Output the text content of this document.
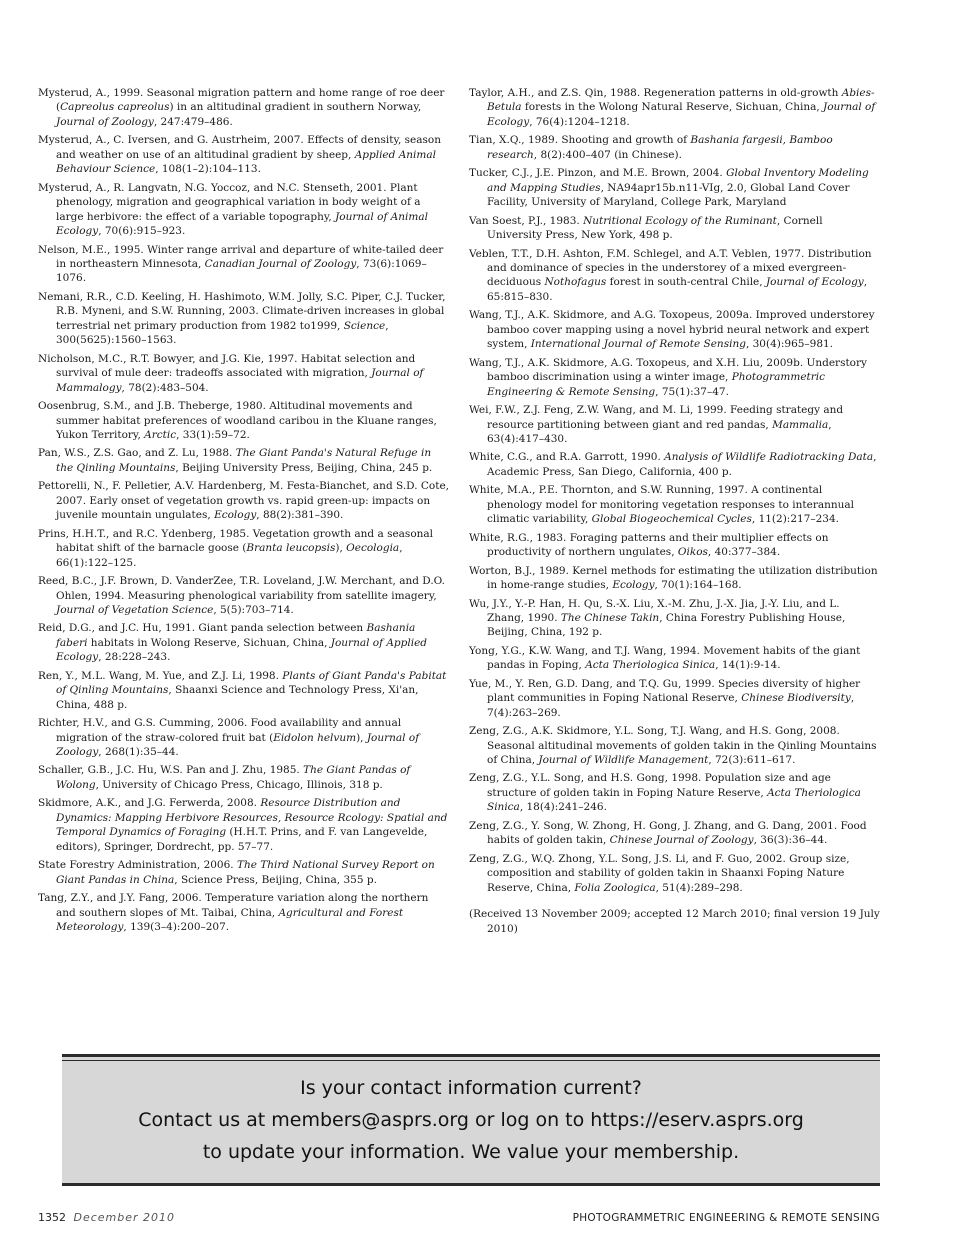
Mysterud, A., 1999. Seasonal migration pattern and home range of roe deer (Capreolus capreolus) in an altitudinal gradient in southern Norway, Journal of Zoology, 247:479–486.

Mysterud, A., C. Iversen, and G. Austrheim, 2007. Effects of density, season and weather on use of an altitudinal gradient by sheep, Applied Animal Behaviour Science, 108(1–2):104–113.

Mysterud, A., R. Langvatn, N.G. Yoccoz, and N.C. Stenseth, 2001. Plant phenology, migration and geographical variation in body weight of a large herbivore: the effect of a variable topography, Journal of Animal Ecology, 70(6):915–923.

Nelson, M.E., 1995. Winter range arrival and departure of white-tailed deer in northeastern Minnesota, Canadian Journal of Zoology, 73(6):1069–1076.

Nemani, R.R., C.D. Keeling, H. Hashimoto, W.M. Jolly, S.C. Piper, C.J. Tucker, R.B. Myneni, and S.W. Running, 2003. Climate-driven increases in global terrestrial net primary production from 1982 to1999, Science, 300(5625):1560–1563.

Nicholson, M.C., R.T. Bowyer, and J.G. Kie, 1997. Habitat selection and survival of mule deer: tradeoffs associated with migration, Journal of Mammalogy, 78(2):483–504.

Oosenbrug, S.M., and J.B. Theberge, 1980. Altitudinal movements and summer habitat preferences of woodland caribou in the Kluane ranges, Yukon Territory, Arctic, 33(1):59–72.

Pan, W.S., Z.S. Gao, and Z. Lu, 1988. The Giant Panda's Natural Refuge in the Qinling Mountains, Beijing University Press, Beijing, China, 245 p.

Pettorelli, N., F. Pelletier, A.V. Hardenberg, M. Festa-Bianchet, and S.D. Cote, 2007. Early onset of vegetation growth vs. rapid green-up: impacts on juvenile mountain ungulates, Ecology, 88(2):381–390.

Prins, H.H.T., and R.C. Ydenberg, 1985. Vegetation growth and a seasonal habitat shift of the barnacle goose (Branta leucopsis), Oecologia, 66(1):122–125.

Reed, B.C., J.F. Brown, D. VanderZee, T.R. Loveland, J.W. Merchant, and D.O. Ohlen, 1994. Measuring phenological variability from satellite imagery, Journal of Vegetation Science, 5(5):703–714.

Reid, D.G., and J.C. Hu, 1991. Giant panda selection between Bashania faberi habitats in Wolong Reserve, Sichuan, China, Journal of Applied Ecology, 28:228–243.

Ren, Y., M.L. Wang, M. Yue, and Z.J. Li, 1998. Plants of Giant Panda's Pabitat of Qinling Mountains, Shaanxi Science and Technology Press, Xi'an, China, 488 p.

Richter, H.V., and G.S. Cumming, 2006. Food availability and annual migration of the straw-colored fruit bat (Eidolon helvum), Journal of Zoology, 268(1):35–44.

Schaller, G.B., J.C. Hu, W.S. Pan and J. Zhu, 1985. The Giant Pandas of Wolong, University of Chicago Press, Chicago, Illinois, 318 p.

Skidmore, A.K., and J.G. Ferwerda, 2008. Resource Distribution and Dynamics: Mapping Herbivore Resources, Resource Rcology: Spatial and Temporal Dynamics of Foraging (H.H.T. Prins, and F. van Langevelde, editors), Springer, Dordrecht, pp. 57–77.

State Forestry Administration, 2006. The Third National Survey Report on Giant Pandas in China, Science Press, Beijing, China, 355 p.

Tang, Z.Y., and J.Y. Fang, 2006. Temperature variation along the northern and southern slopes of Mt. Taibai, China, Agricultural and Forest Meteorology, 139(3–4):200–207.

Taylor, A.H., and Z.S. Qin, 1988. Regeneration patterns in old-growth Abies-Betula forests in the Wolong Natural Reserve, Sichuan, China, Journal of Ecology, 76(4):1204–1218.

Tian, X.Q., 1989. Shooting and growth of Bashania fargesii, Bamboo research, 8(2):400–407 (in Chinese).

Tucker, C.J., J.E. Pinzon, and M.E. Brown, 2004. Global Inventory Modeling and Mapping Studies, NA94apr15b.n11-VIg, 2.0, Global Land Cover Facility, University of Maryland, College Park, Maryland

Van Soest, P.J., 1983. Nutritional Ecology of the Ruminant, Cornell University Press, New York, 498 p.

Veblen, T.T., D.H. Ashton, F.M. Schlegel, and A.T. Veblen, 1977. Distribution and dominance of species in the understorey of a mixed evergreen-deciduous Nothofagus forest in south-central Chile, Journal of Ecology, 65:815–830.

Wang, T.J., A.K. Skidmore, and A.G. Toxopeus, 2009a. Improved understorey bamboo cover mapping using a novel hybrid neural network and expert system, International Journal of Remote Sensing, 30(4):965–981.

Wang, T.J., A.K. Skidmore, A.G. Toxopeus, and X.H. Liu, 2009b. Understory bamboo discrimination using a winter image, Photogrammetric Engineering & Remote Sensing, 75(1):37–47.

Wei, F.W., Z.J. Feng, Z.W. Wang, and M. Li, 1999. Feeding strategy and resource partitioning between giant and red pandas, Mammalia, 63(4):417–430.

White, C.G., and R.A. Garrott, 1990. Analysis of Wildlife Radiotracking Data, Academic Press, San Diego, California, 400 p.

White, M.A., P.E. Thornton, and S.W. Running, 1997. A continental phenology model for monitoring vegetation responses to interannual climatic variability, Global Biogeochemical Cycles, 11(2):217–234.

White, R.G., 1983. Foraging patterns and their multiplier effects on productivity of northern ungulates, Oikos, 40:377–384.

Worton, B.J., 1989. Kernel methods for estimating the utilization distribution in home-range studies, Ecology, 70(1):164–168.

Wu, J.Y., Y.-P. Han, H. Qu, S.-X. Liu, X.-M. Zhu, J.-X. Jia, J.-Y. Liu, and L. Zhang, 1990. The Chinese Takin, China Forestry Publishing House, Beijing, China, 192 p.

Yong, Y.G., K.W. Wang, and T.J. Wang, 1994. Movement habits of the giant pandas in Foping, Acta Theriologica Sinica, 14(1):9-14.

Yue, M., Y. Ren, G.D. Dang, and T.Q. Gu, 1999. Species diversity of higher plant communities in Foping National Reserve, Chinese Biodiversity, 7(4):263–269.

Zeng, Z.G., A.K. Skidmore, Y.L. Song, T.J. Wang, and H.S. Gong, 2008. Seasonal altitudinal movements of golden takin in the Qinling Mountains of China, Journal of Wildlife Management, 72(3):611–617.

Zeng, Z.G., Y.L. Song, and H.S. Gong, 1998. Population size and age structure of golden takin in Foping Nature Reserve, Acta Theriologica Sinica, 18(4):241–246.

Zeng, Z.G., Y. Song, W. Zhong, H. Gong, J. Zhang, and G. Dang, 2001. Food habits of golden takin, Chinese Journal of Zoology, 36(3):36–44.

Zeng, Z.G., W.Q. Zhong, Y.L. Song, J.S. Li, and F. Guo, 2002. Group size, composition and stability of golden takin in Shaanxi Foping Nature Reserve, China, Folia Zoologica, 51(4):289–298.

(Received 13 November 2009; accepted 12 March 2010; final version 19 July 2010)

Is your contact information current?
Contact us at members@asprs.org or log on to https://eserv.asprs.org
to update your information. We value your membership.
1352 December 2010	PHOTOGRAMMETRIC ENGINEERING & REMOTE SENSING
